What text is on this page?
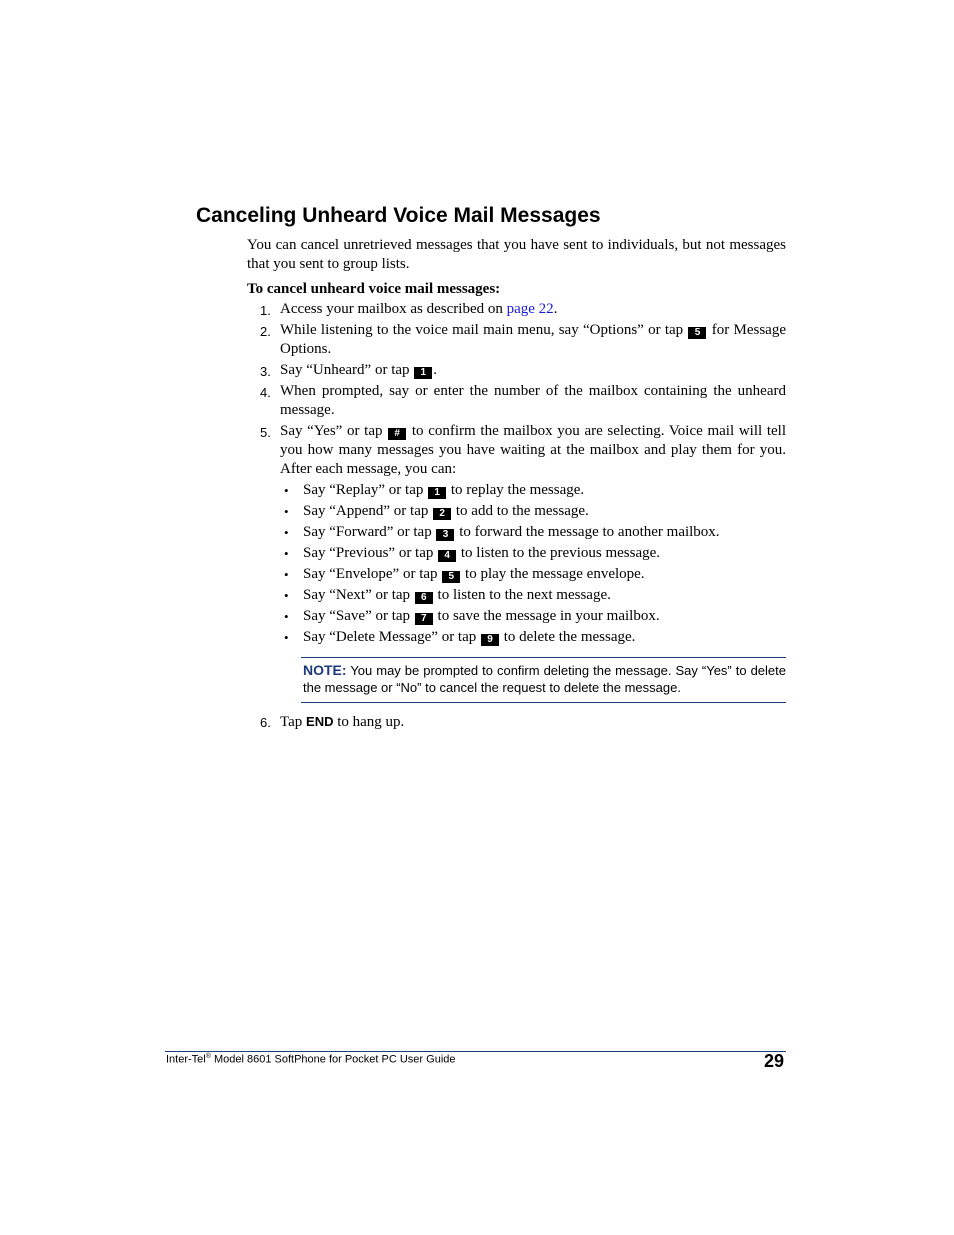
Canceling Unheard Voice Mail Messages

You can cancel unretrieved messages that you have sent to individuals, but not messages that you sent to group lists.

To cancel unheard voice mail messages:

1. Access your mailbox as described on page 22.
2. While listening to the voice mail main menu, say “Options” or tap 5 for Message Options.
3. Say “Unheard” or tap 1 .
4. When prompted, say or enter the number of the mailbox containing the unheard message.
5. Say “Yes” or tap # to confirm the mailbox you are selecting. Voice mail will tell you how many messages you have waiting at the mailbox and play them for you. After each message, you can:
• Say “Replay” or tap 1 to replay the message.
• Say “Append” or tap 2 to add to the message.
• Say “Forward” or tap 3 to forward the message to another mailbox.
• Say “Previous” or tap 4 to listen to the previous message.
• Say “Envelope” or tap 5 to play the message envelope.
• Say “Next” or tap 6 to listen to the next message.
• Say “Save” or tap 7 to save the message in your mailbox.
• Say “Delete Message” or tap 9 to delete the message.
NOTE: You may be prompted to confirm deleting the message. Say “Yes” to delete the message or “No” to cancel the request to delete the message.
6. Tap END to hang up.
Inter-Tel® Model 8601 SoftPhone for Pocket PC User Guide	29
